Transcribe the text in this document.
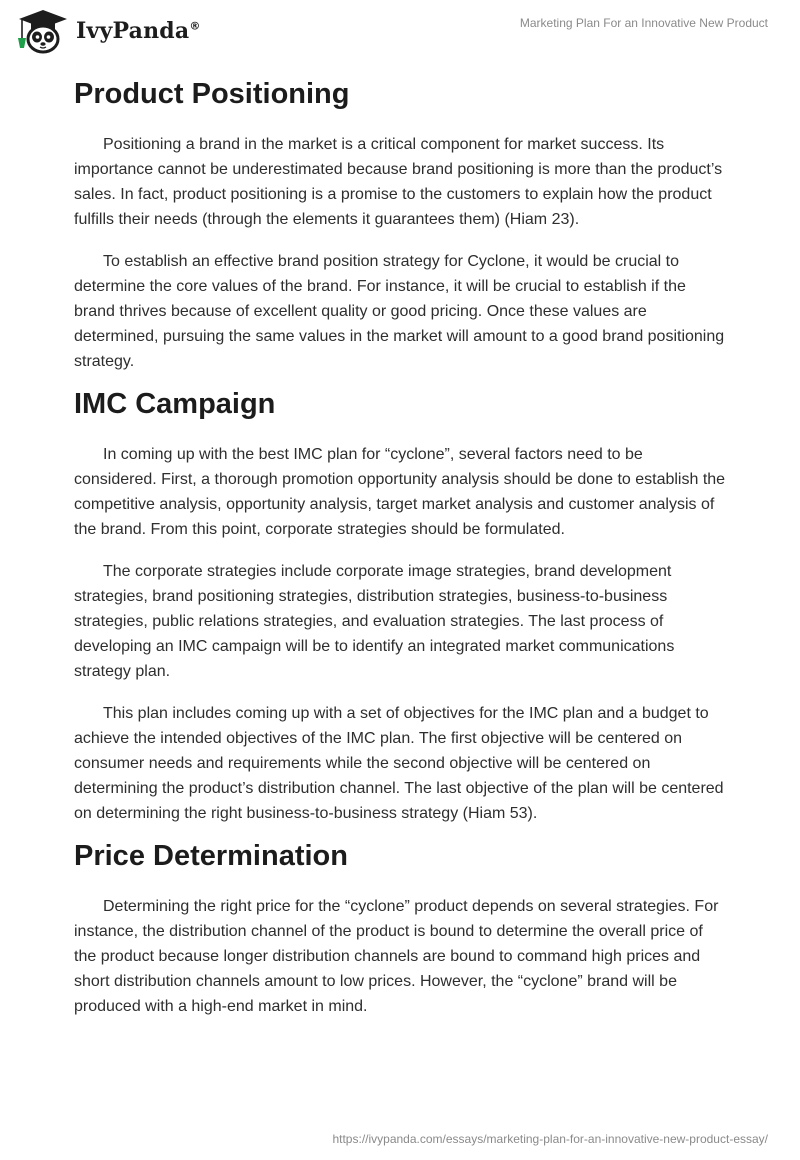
IvyPanda®	Marketing Plan For an Innovative New Product
Product Positioning

Positioning a brand in the market is a critical component for market success. Its importance cannot be underestimated because brand positioning is more than the product’s sales. In fact, product positioning is a promise to the customers to explain how the product fulfills their needs (through the elements it guarantees them) (Hiam 23).

To establish an effective brand position strategy for Cyclone, it would be crucial to determine the core values of the brand. For instance, it will be crucial to establish if the brand thrives because of excellent quality or good pricing. Once these values are determined, pursuing the same values in the market will amount to a good brand positioning strategy.

IMC Campaign

In coming up with the best IMC plan for “cyclone”, several factors need to be considered. First, a thorough promotion opportunity analysis should be done to establish the competitive analysis, opportunity analysis, target market analysis and customer analysis of the brand. From this point, corporate strategies should be formulated.

The corporate strategies include corporate image strategies, brand development strategies, brand positioning strategies, distribution strategies, business-to-business strategies, public relations strategies, and evaluation strategies. The last process of developing an IMC campaign will be to identify an integrated market communications strategy plan.

This plan includes coming up with a set of objectives for the IMC plan and a budget to achieve the intended objectives of the IMC plan. The first objective will be centered on consumer needs and requirements while the second objective will be centered on determining the product’s distribution channel. The last objective of the plan will be centered on determining the right business-to-business strategy (Hiam 53).

Price Determination

Determining the right price for the “cyclone” product depends on several strategies. For instance, the distribution channel of the product is bound to determine the overall price of the product because longer distribution channels are bound to command high prices and short distribution channels amount to low prices. However, the “cyclone” brand will be produced with a high-end market in mind.

https://ivypanda.com/essays/marketing-plan-for-an-innovative-new-product-essay/
